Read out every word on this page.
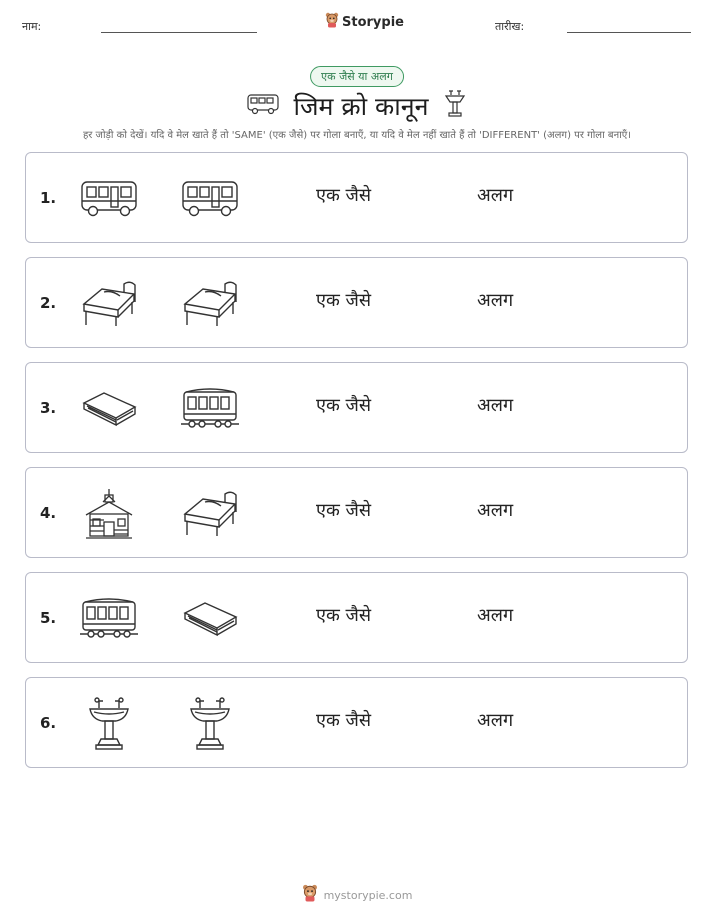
नाम:	Storypie	तारीख:
एक जैसे या अलग
जिम क्रो कानून
हर जोड़ी को देखें। यदि वे मेल खाते हैं तो 'SAME' (एक जैसे) पर गोला बनाएँ, या यदि वे मेल नहीं खाते हैं तो 'DIFFERENT' (अलग) पर गोला बनाएँ।
1.	एक जैसे	अलग
2.	एक जैसे	अलग
3.	एक जैसे	अलग
4.	एक जैसे	अलग
5.	एक जैसे	अलग
6.	एक जैसे	अलग
mystorypie.com
